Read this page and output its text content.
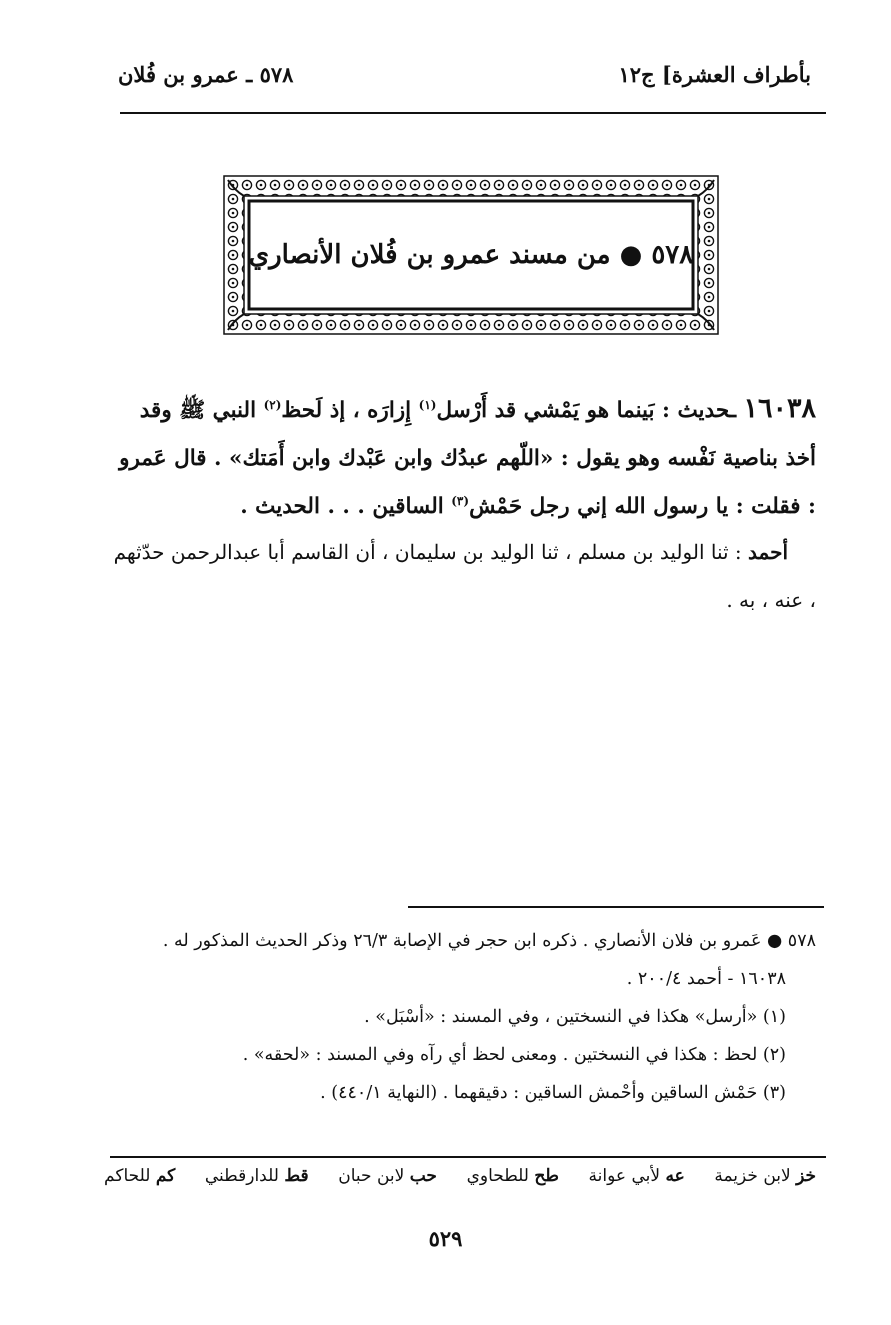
بأطراف العشرة] ج١٢
٥٧٨ ـ عمرو بن فُلان
٥٧٨ ● من مسند عمرو بن فُلان الأنصاري

١٦٠٣٨ ـحديث : بَينما هو يَمْشي قد أَرْسل$^{(١)}$ إِزارَه ، إذ لَحظ$^{(٢)}$ النبي ﷺ وقد أخذ بناصية نَفْسه وهو يقول : «اللّهم عبدُك وابن عَبْدك وابن أَمَتك» . قال عَمرو : فقلت : يا رسول الله إني رجل حَمْش$^{(٣)}$ الساقين . . . الحديث .

أحمد : ثنا الوليد بن مسلم ، ثنا الوليد بن سليمان ، أن القاسم أبا عبدالرحمن حدّثهم ، عنه ، به .

٥٧٨ ● عَمرو بن فلان الأنصاري . ذكره ابن حجر في الإصابة ٢٦/٣ وذكر الحديث المذكور له .

١٦٠٣٨ - أحمد ٢٠٠/٤ .

(١) «أرسل» هكذا في النسختين ، وفي المسند : «أسْبَل» .

(٢) لحظ : هكذا في النسختين . ومعنى لحظ أي رآه وفي المسند : «لحقه» .

(٣) حَمْش الساقين وأحْمش الساقين : دقيقهما . (النهاية ٤٤٠/١) .

خز لابن خزيمة
عه لأبي عوانة
طح للطحاوي
حب لابن حبان
قط للدارقطني
كم للحاكم
٥٢٩
